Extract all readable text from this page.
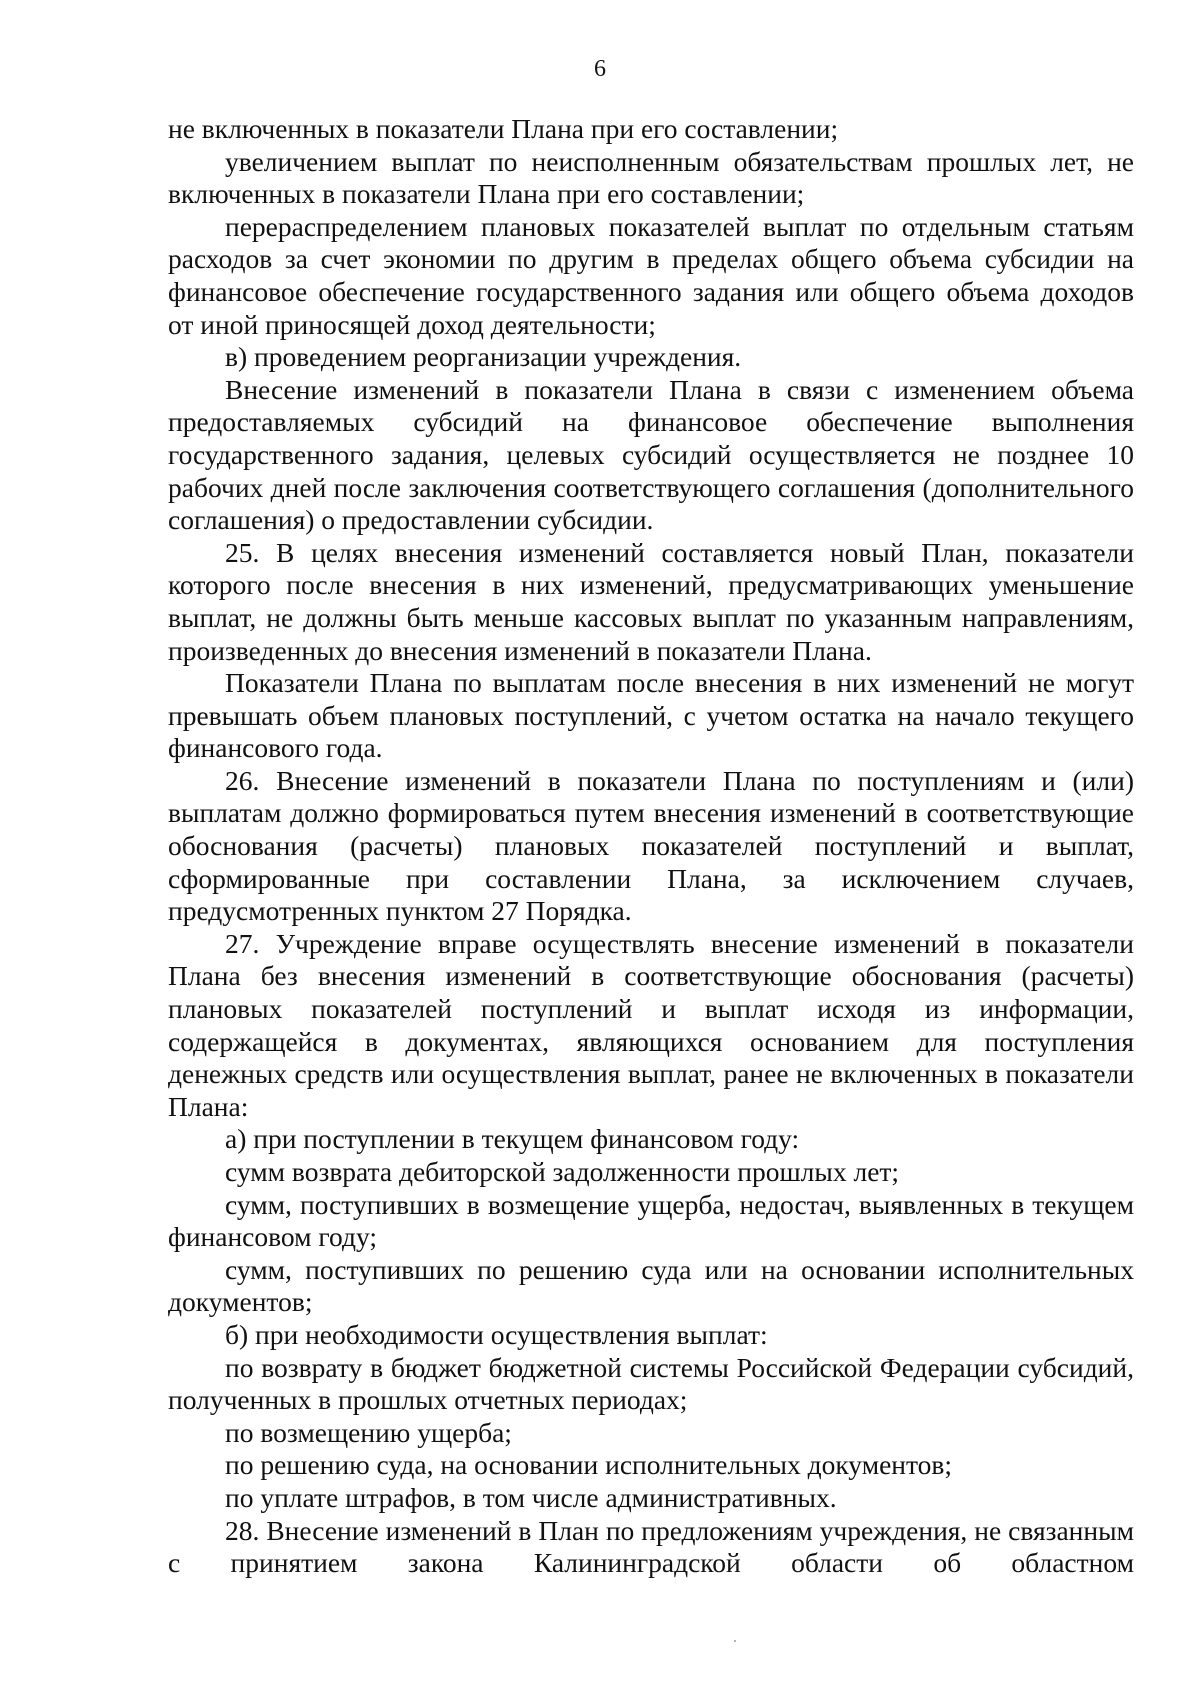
6

не включенных в показатели Плана при его составлении;

увеличением выплат по неисполненным обязательствам прошлых лет, не включенных в показатели Плана при его составлении;

перераспределением плановых показателей выплат по отдельным статьям расходов за счет экономии по другим в пределах общего объема субсидии на финансовое обеспечение государственного задания или общего объема доходов от иной приносящей доход деятельности;

в) проведением реорганизации учреждения.

Внесение изменений в показатели Плана в связи с изменением объема предоставляемых субсидий на финансовое обеспечение выполнения государственного задания, целевых субсидий осуществляется не позднее 10 рабочих дней после заключения соответствующего соглашения (дополнительного соглашения) о предоставлении субсидии.

25. В целях внесения изменений составляется новый План, показатели которого после внесения в них изменений, предусматривающих уменьшение выплат, не должны быть меньше кассовых выплат по указанным направлениям, произведенных до внесения изменений в показатели Плана.

Показатели Плана по выплатам после внесения в них изменений не могут превышать объем плановых поступлений, с учетом остатка на начало текущего финансового года.

26. Внесение изменений в показатели Плана по поступлениям и (или) выплатам должно формироваться путем внесения изменений в соответствующие обоснования (расчеты) плановых показателей поступлений и выплат, сформированные при составлении Плана, за исключением случаев, предусмотренных пунктом 27 Порядка.

27. Учреждение вправе осуществлять внесение изменений в показатели Плана без внесения изменений в соответствующие обоснования (расчеты) плановых показателей поступлений и выплат исходя из информации, содержащейся в документах, являющихся основанием для поступления денежных средств или осуществления выплат, ранее не включенных в показатели Плана:

а) при поступлении в текущем финансовом году:

сумм возврата дебиторской задолженности прошлых лет;

сумм, поступивших в возмещение ущерба, недостач, выявленных в текущем финансовом году;

сумм, поступивших по решению суда или на основании исполнительных документов;

б) при необходимости осуществления выплат:

по возврату в бюджет бюджетной системы Российской Федерации субсидий, полученных в прошлых отчетных периодах;

по возмещению ущерба;

по решению суда, на основании исполнительных документов;

по уплате штрафов, в том числе административных.

28. Внесение изменений в План по предложениям учреждения, не связанным с принятием закона Калининградской области об областном
